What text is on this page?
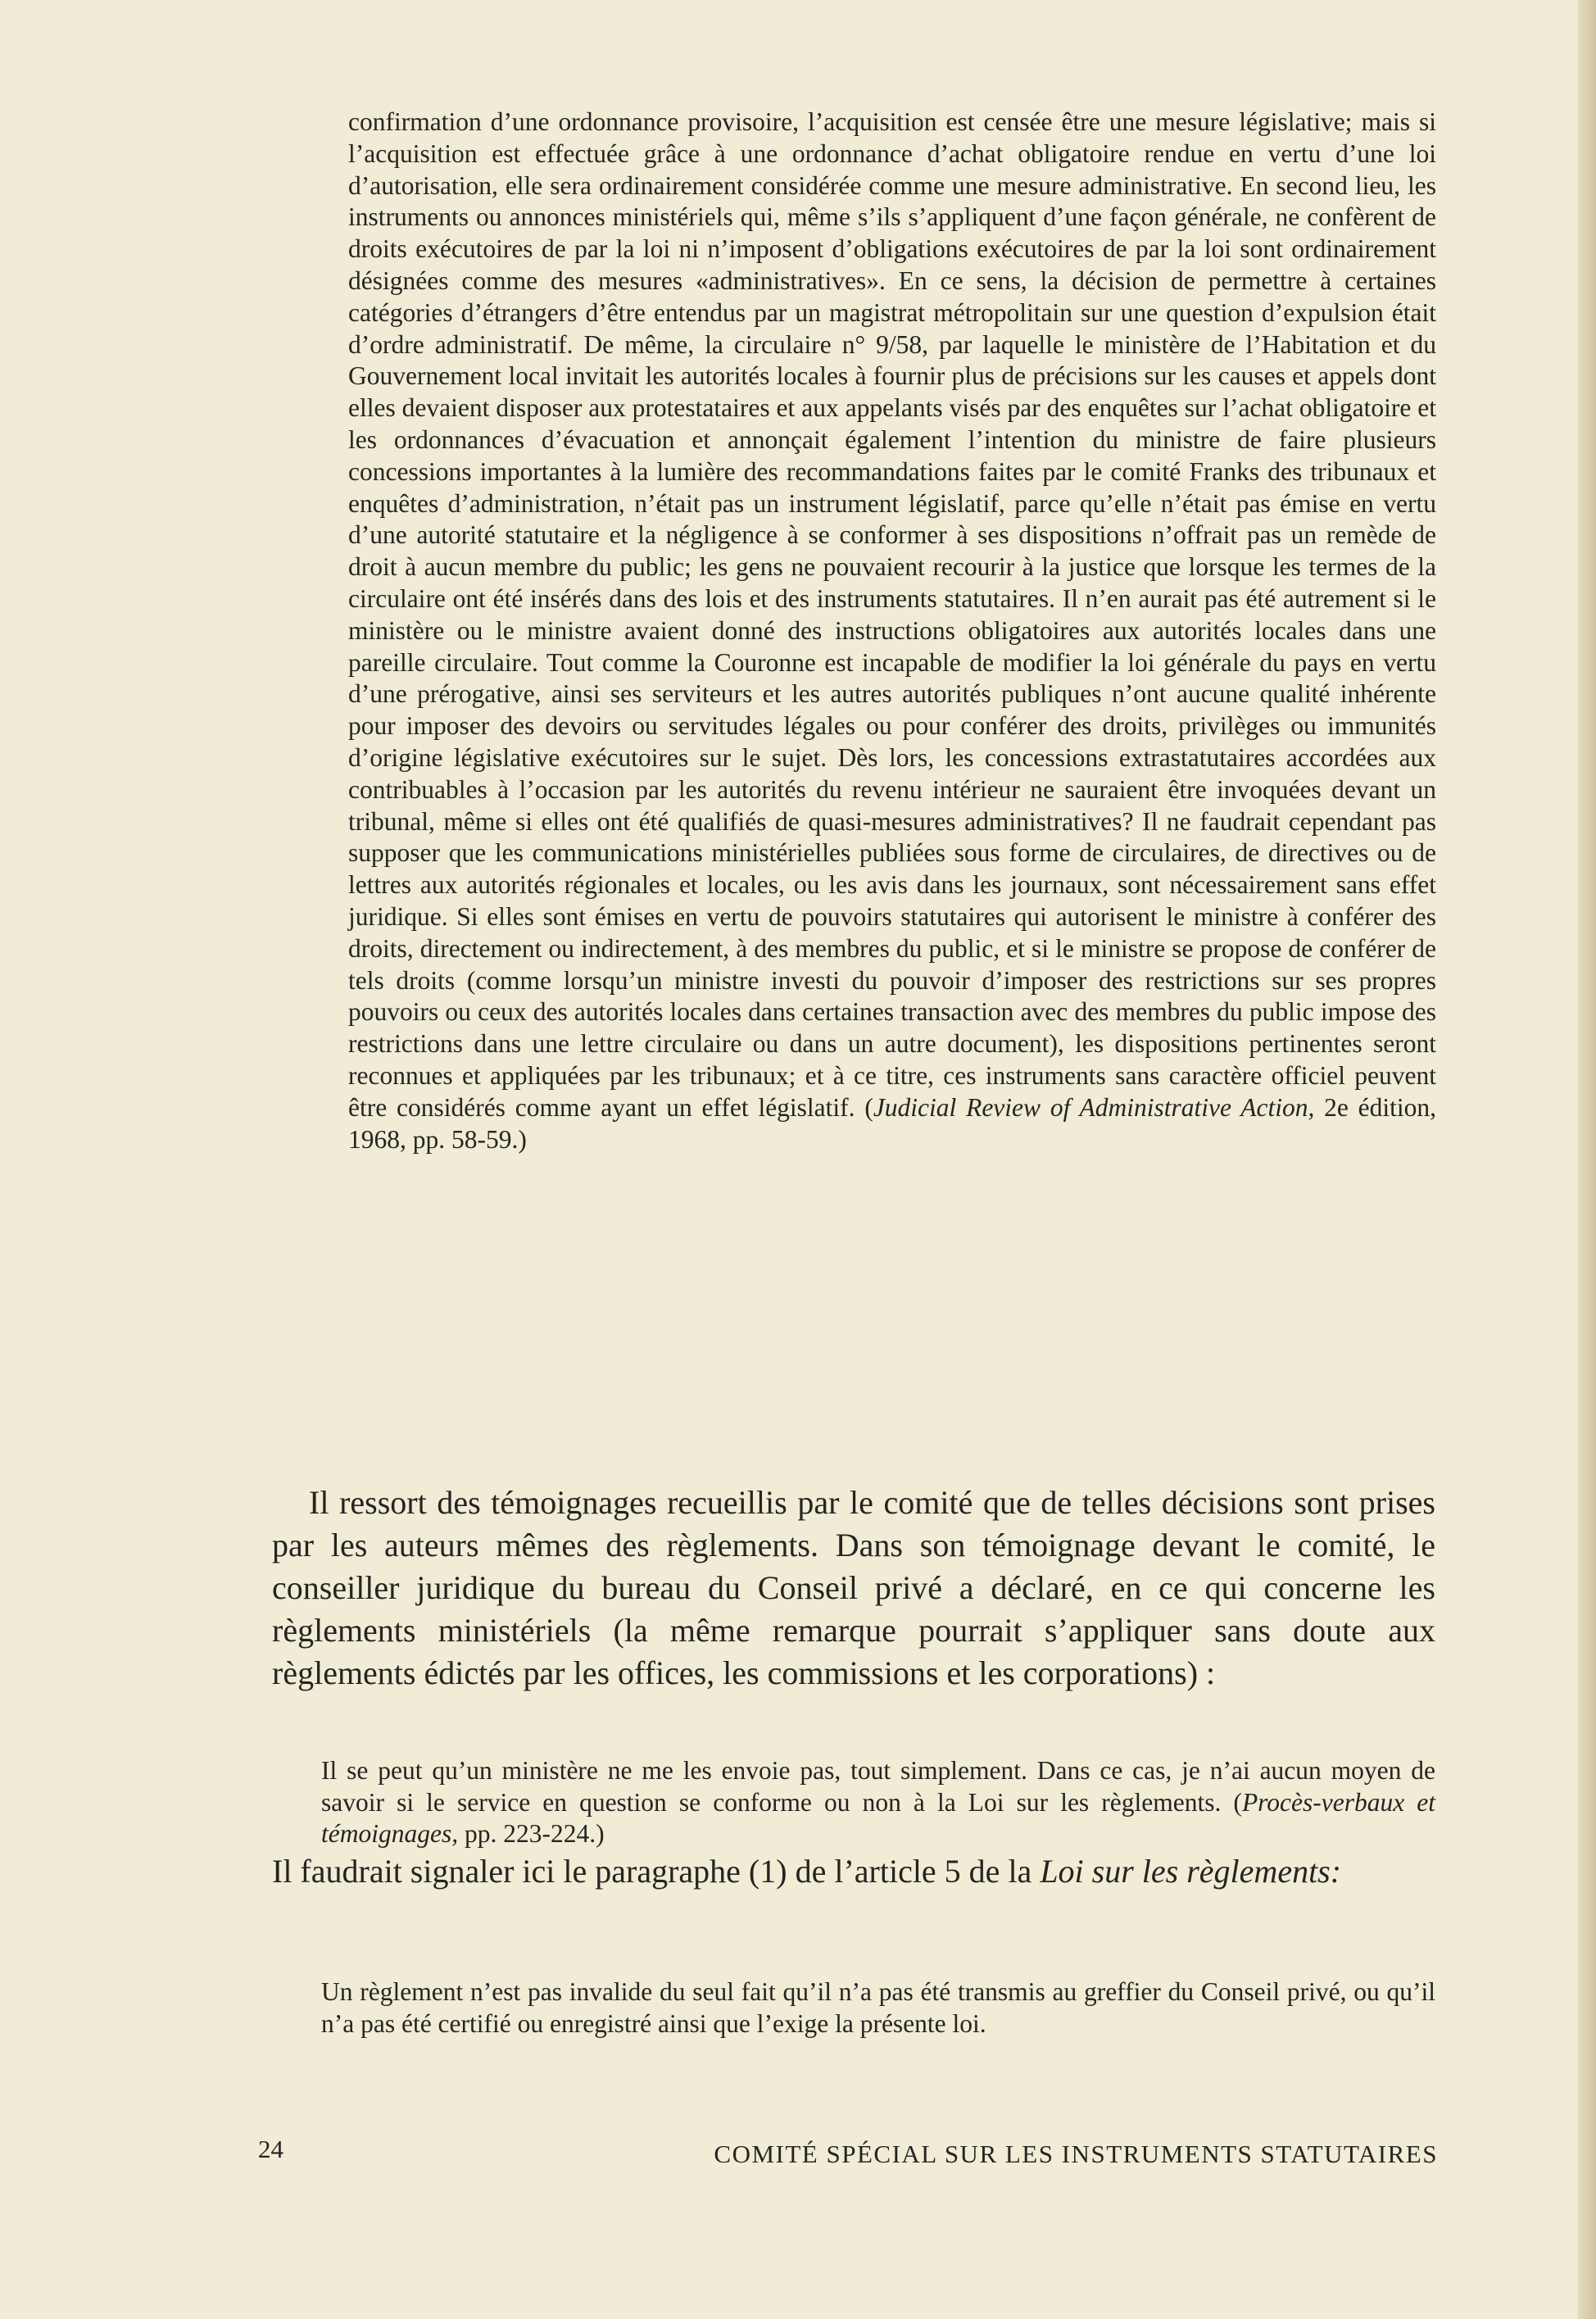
confirmation d’une ordonnance provisoire, l’acquisition est censée être une mesure législative; mais si l’acquisition est effectuée grâce à une ordonnance d’achat obligatoire rendue en vertu d’une loi d’autorisation, elle sera ordinairement considérée comme une mesure administrative. En second lieu, les instruments ou annonces ministériels qui, même s’ils s’appliquent d’une façon générale, ne confèrent de droits exécutoires de par la loi ni n’imposent d’obligations exécutoires de par la loi sont ordinairement désignées comme des mesures «administratives». En ce sens, la décision de permettre à certaines catégories d’étrangers d’être entendus par un magistrat métropolitain sur une question d’expulsion était d’ordre administratif. De même, la circulaire n° 9/58, par laquelle le ministère de l’Habitation et du Gouvernement local invitait les autorités locales à fournir plus de précisions sur les causes et appels dont elles devaient disposer aux protestataires et aux appelants visés par des enquêtes sur l’achat obligatoire et les ordonnances d’évacuation et annonçait également l’intention du ministre de faire plusieurs concessions importantes à la lumière des recommandations faites par le comité Franks des tribunaux et enquêtes d’administration, n’était pas un instrument législatif, parce qu’elle n’était pas émise en vertu d’une autorité statutaire et la négligence à se conformer à ses dispositions n’offrait pas un remède de droit à aucun membre du public; les gens ne pouvaient recourir à la justice que lorsque les termes de la circulaire ont été insérés dans des lois et des instruments statutaires. Il n’en aurait pas été autrement si le ministère ou le ministre avaient donné des instructions obligatoires aux autorités locales dans une pareille circulaire. Tout comme la Couronne est incapable de modifier la loi générale du pays en vertu d’une prérogative, ainsi ses serviteurs et les autres autorités publiques n’ont aucune qualité inhérente pour imposer des devoirs ou servitudes légales ou pour conférer des droits, privilèges ou immunités d’origine législative exécutoires sur le sujet. Dès lors, les concessions extrastatutaires accordées aux contribuables à l’occasion par les autorités du revenu intérieur ne sauraient être invoquées devant un tribunal, même si elles ont été qualifiés de quasi-mesures administratives? Il ne faudrait cependant pas supposer que les communications ministérielles publiées sous forme de circulaires, de directives ou de lettres aux autorités régionales et locales, ou les avis dans les journaux, sont nécessairement sans effet juridique. Si elles sont émises en vertu de pouvoirs statutaires qui autorisent le ministre à conférer des droits, directement ou indirectement, à des membres du public, et si le ministre se propose de conférer de tels droits (comme lorsqu’un ministre investi du pouvoir d’imposer des restrictions sur ses propres pouvoirs ou ceux des autorités locales dans certaines transaction avec des membres du public impose des restrictions dans une lettre circulaire ou dans un autre document), les dispositions pertinentes seront reconnues et appliquées par les tribunaux; et à ce titre, ces instruments sans caractère officiel peuvent être considérés comme ayant un effet législatif. (Judicial Review of Administrative Action, 2e édition, 1968, pp. 58-59.)

Il ressort des témoignages recueillis par le comité que de telles décisions sont prises par les auteurs mêmes des règlements. Dans son témoignage devant le comité, le conseiller juridique du bureau du Conseil privé a déclaré, en ce qui concerne les règlements ministériels (la même remarque pourrait s’appliquer sans doute aux règlements édictés par les offices, les commissions et les corporations) :

Il se peut qu’un ministère ne me les envoie pas, tout simplement. Dans ce cas, je n’ai aucun moyen de savoir si le service en question se conforme ou non à la Loi sur les règlements. (Procès-verbaux et témoignages, pp. 223-224.)

Il faudrait signaler ici le paragraphe (1) de l’article 5 de la Loi sur les règlements:

Un règlement n’est pas invalide du seul fait qu’il n’a pas été transmis au greffier du Conseil privé, ou qu’il n’a pas été certifié ou enregistré ainsi que l’exige la présente loi.

24	COMITÉ SPÉCIAL SUR LES INSTRUMENTS STATUTAIRES
